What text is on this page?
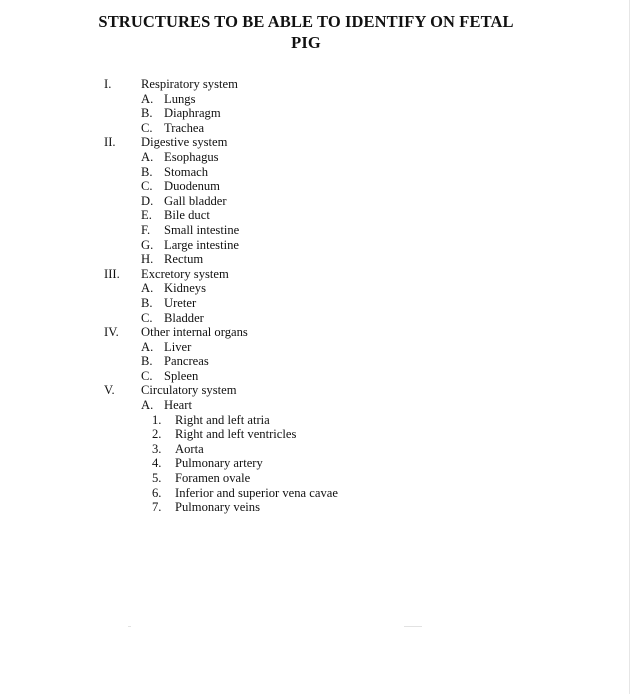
STRUCTURES TO BE ABLE TO IDENTIFY ON FETAL
PIG
I. Respiratory system
A. Lungs
B. Diaphragm
C. Trachea
II. Digestive system
A. Esophagus
B. Stomach
C. Duodenum
D. Gall bladder
E. Bile duct
F. Small intestine
G. Large intestine
H. Rectum
III. Excretory system
A. Kidneys
B. Ureter
C. Bladder
IV. Other internal organs
A. Liver
B. Pancreas
C. Spleen
V. Circulatory system
A. Heart
1. Right and left atria
2. Right and left ventricles
3. Aorta
4. Pulmonary artery
5. Foramen ovale
6. Inferior and superior vena cavae
7. Pulmonary veins
